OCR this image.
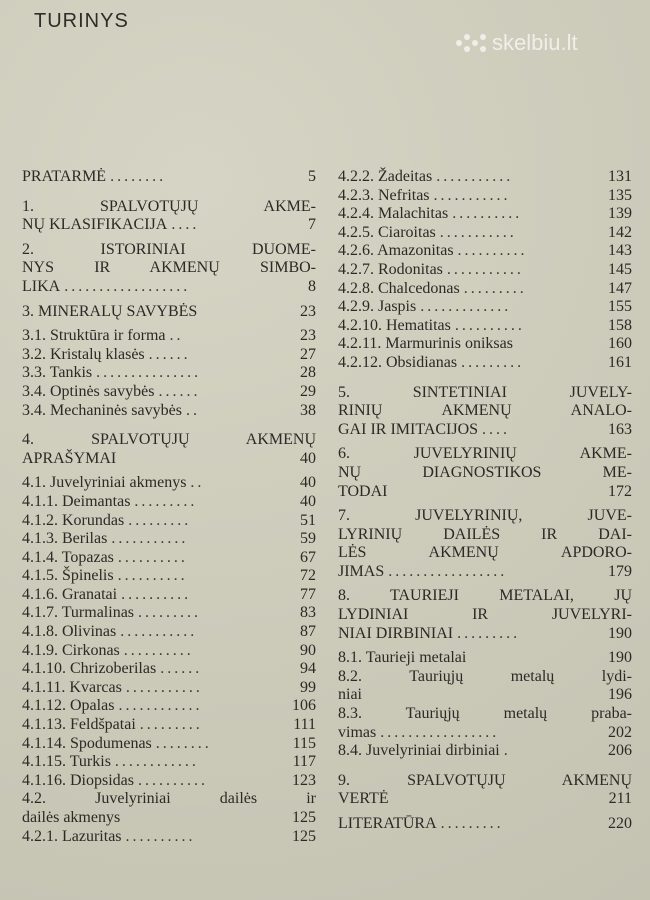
TURINYS
skelbiu.lt
PRATARMĖ ........	5
1. SPALVOTŲJŲ AKME-
NŲ KLASIFIKACIJA ....	7
2. ISTORINIAI DUOME-
NYS IR AKMENŲ SIMBO-
LIKA ..................	8
3. MINERALŲ SAVYBĖS	23
3.1. Struktūra ir forma ..	23
3.2. Kristalų klasės ......	27
3.3. Tankis ...............	28
3.4. Optinės savybės ......	29
3.4. Mechaninės savybės ..	38
4. SPALVOTŲJŲ AKMENŲ
APRAŠYMAI	40
4.1. Juvelyriniai akmenys ..	40
4.1.1. Deimantas .........	40
4.1.2. Korundas .........	51
4.1.3. Berilas ...........	59
4.1.4. Topazas ..........	67
4.1.5. Špinelis ..........	72
4.1.6. Granatai ..........	77
4.1.7. Turmalinas .........	83
4.1.8. Olivinas ...........	87
4.1.9. Cirkonas ..........	90
4.1.10. Chrizoberilas ......	94
4.1.11. Kvarcas ...........	99
4.1.12. Opalas ............	106
4.1.13. Feldšpatai .........	111
4.1.14. Spodumenas ........	115
4.1.15. Turkis ............	117
4.1.16. Diopsidas ..........	123
4.2. Juvelyriniai dailės ir
dailės akmenys	125
4.2.1. Lazuritas ..........	125
4.2.2. Žadeitas ...........	131
4.2.3. Nefritas ...........	135
4.2.4. Malachitas ..........	139
4.2.5. Ciaroitas ...........	142
4.2.6. Amazonitas ..........	143
4.2.7. Rodonitas ...........	145
4.2.8. Chalcedonas .........	147
4.2.9. Jaspis .............	155
4.2.10. Hematitas ..........	158
4.2.11. Marmurinis oniksas	160
4.2.12. Obsidianas .........	161
5. SINTETINIAI JUVELY-
RINIŲ AKMENŲ ANALO-
GAI IR IMITACIJOS ....	163
6. JUVELYRINIŲ AKME-
NŲ DIAGNOSTIKOS ME-
TODAI	172
7. JUVELYRINIŲ, JUVE-
LYRINIŲ DAILĖS IR DAI-
LĖS AKMENŲ APDORO-
JIMAS .................	179
8. TAURIEJI METALAI, JŲ
LYDINIAI IR JUVELYRI-
NIAI DIRBINIAI .........	190
8.1. Taurieji metalai	190
8.2. Tauriųjų metalų lydi-
niai	196
8.3. Tauriųjų metalų praba-
vimas .................	202
8.4. Juvelyriniai dirbiniai .	206
9. SPALVOTŲJŲ AKMENŲ
VERTĖ	211
LITERATŪRA .........	220
